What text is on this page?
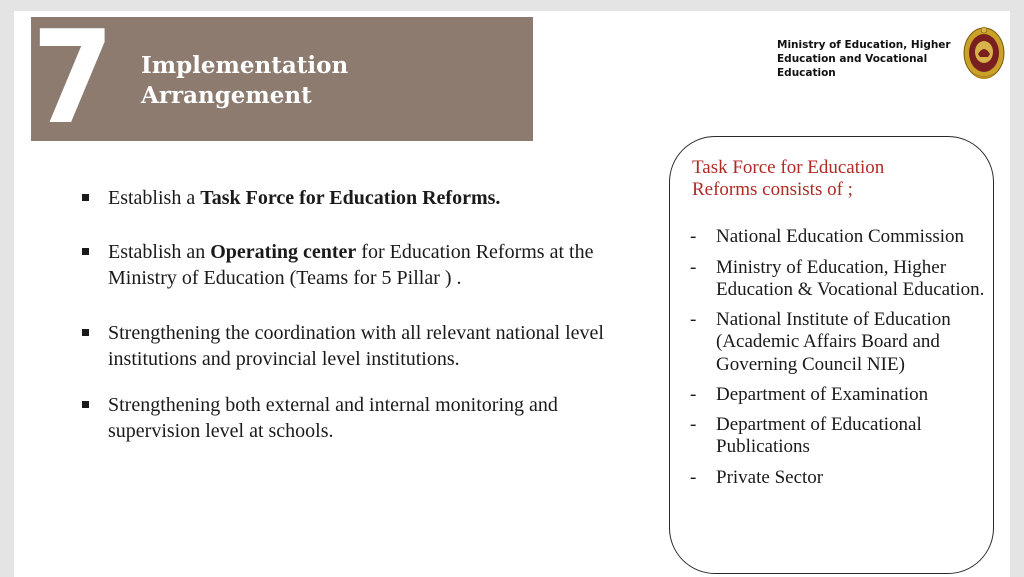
7 Implementation
Arrangement
Ministry of Education, Higher
Education and Vocational
Education
Establish a Task Force for Education Reforms.
Establish an Operating center for Education Reforms at the Ministry of Education (Teams for 5 Pillar ) .
Strengthening the coordination with all relevant national level institutions and provincial level institutions.
Strengthening both external and internal monitoring and supervision level at schools.
Task Force for Education
Reforms consists of ;
- National Education Commission
- Ministry of Education, Higher Education & Vocational Education.
- National Institute of Education (Academic Affairs Board and Governing Council NIE)
- Department of Examination
- Department of Educational Publications
- Private Sector
